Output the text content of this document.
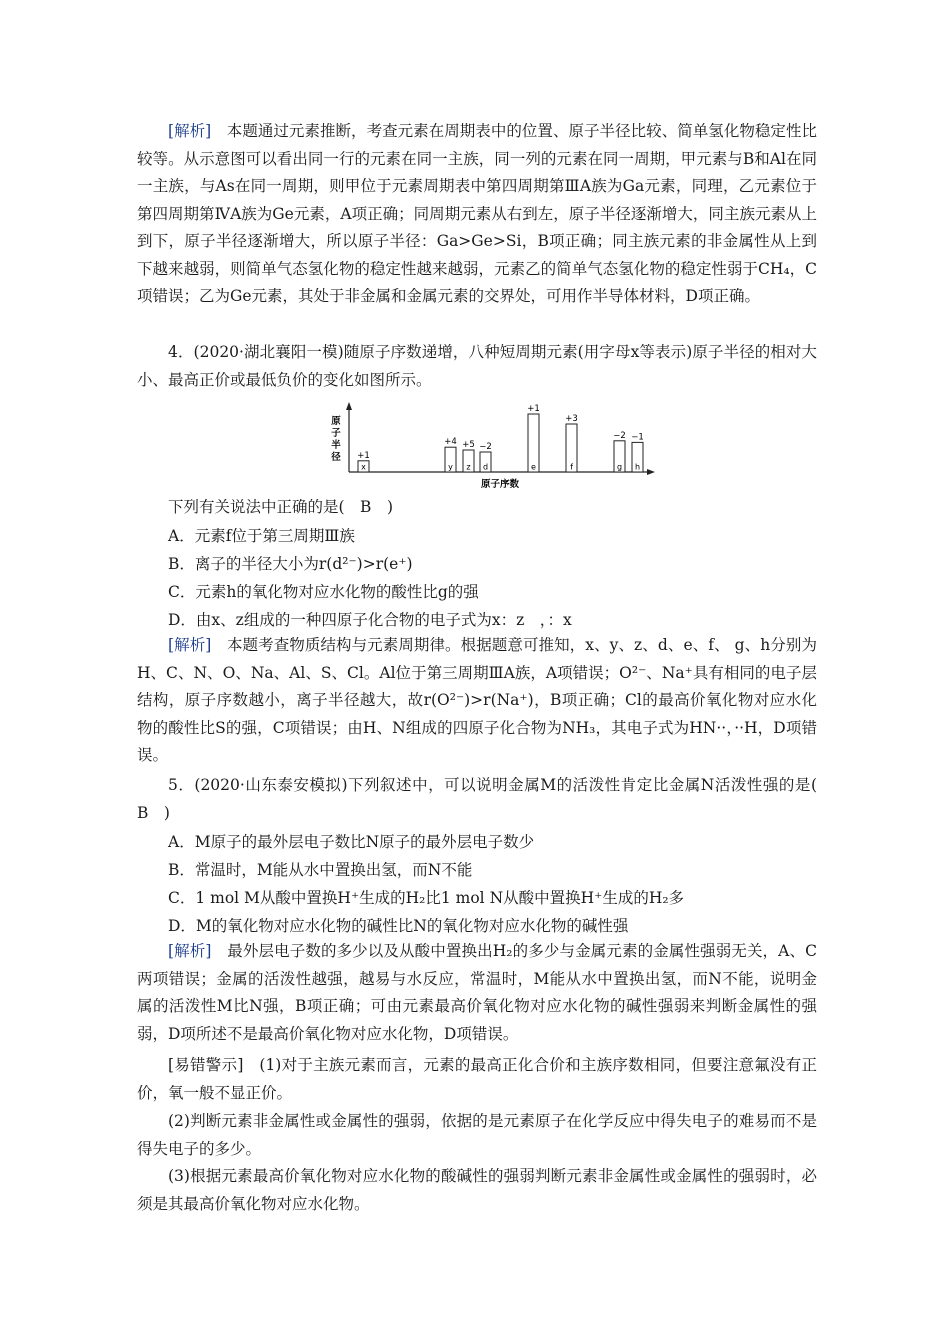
[解析]　 本题通过元素推断，考查元素在周期表中的位置、原子半径比较、简单氢化物稳定性比较等。从示意图可以看出同一行的元素在同一主族，同一列的元素在同一周期，甲元素与B和Al在同一主族，与As在同一周期，则甲位于元素周期表中第四周期第ⅢA族为Ga元素，同理，乙元素位于第四周期第ⅣA族为Ge元素，A项正确；同周期元素从右到左，原子半径逐渐增大，同主族元素从上到下，原子半径逐渐增大，所以原子半径：Ga>Ge>Si，B项正确；同主族元素的非金属性从上到下越来越弱，则简单气态氢化物的稳定性越来越弱，元素乙的简单气态氢化物的稳定性弱于CH₄，C项错误；乙为Ge元素，其处于非金属和金属元素的交界处，可用作半导体材料，D项正确。
4．(2020·湖北襄阳一模)随原子序数递增，八种短周期元素(用字母x等表示)原子半径的相对大小、最高正价或最低负价的变化如图所示。
原
子
半
径
原子序数
x
+1
y
+4
z
+5
d
−2
e
+1
f
+3
g
−2
h
−1
下列有关说法中正确的是(　B　)
A．元素f位于第三周期Ⅲ族
B．离子的半径大小为r(d²⁻)>r(e⁺)
C．元素h的氧化物对应水化物的酸性比g的强
D．由x、z组成的一种四原子化合物的电子式为x：z　，：x
[解析]　 本题考查物质结构与元素周期律。根据题意可推知，x、y、z、d、e、f、 g、h分别为H、C、N、O、Na、Al、S、Cl。Al位于第三周期ⅢA族，A项错误；O²⁻、Na⁺具有相同的电子层结构，原子序数越小，离子半径越大，故r(O²⁻)>r(Na⁺)，B项正确；Cl的最高价氧化物对应水化物的酸性比S的强，C项错误；由H、N组成的四原子化合物为NH₃，其电子式为HN··，··H，D项错误。
5．(2020·山东泰安模拟)下列叙述中，可以说明金属M的活泼性肯定比金属N活泼性强的是(　B　)
A．M原子的最外层电子数比N原子的最外层电子数少
B．常温时，M能从水中置换出氢，而N不能
C．1 mol M从酸中置换H⁺生成的H₂比1 mol N从酸中置换H⁺生成的H₂多
D．M的氧化物对应水化物的碱性比N的氧化物对应水化物的碱性强
[解析]　 最外层电子数的多少以及从酸中置换出H₂的多少与金属元素的金属性强弱无关，A、C两项错误；金属的活泼性越强，越易与水反应，常温时，M能从水中置换出氢，而N不能，说明金属的活泼性M比N强，B项正确；可由元素最高价氧化物对应水化物的碱性强弱来判断金属性的强弱，D项所述不是最高价氧化物对应水化物，D项错误。
[易错警示]　 (1)对于主族元素而言，元素的最高正化合价和主族序数相同，但要注意氟没有正价，氧一般不显正价。
(2)判断元素非金属性或金属性的强弱，依据的是元素原子在化学反应中得失电子的难易而不是得失电子的多少。
(3)根据元素最高价氧化物对应水化物的酸碱性的强弱判断元素非金属性或金属性的强弱时，必须是其最高价氧化物对应水化物。
